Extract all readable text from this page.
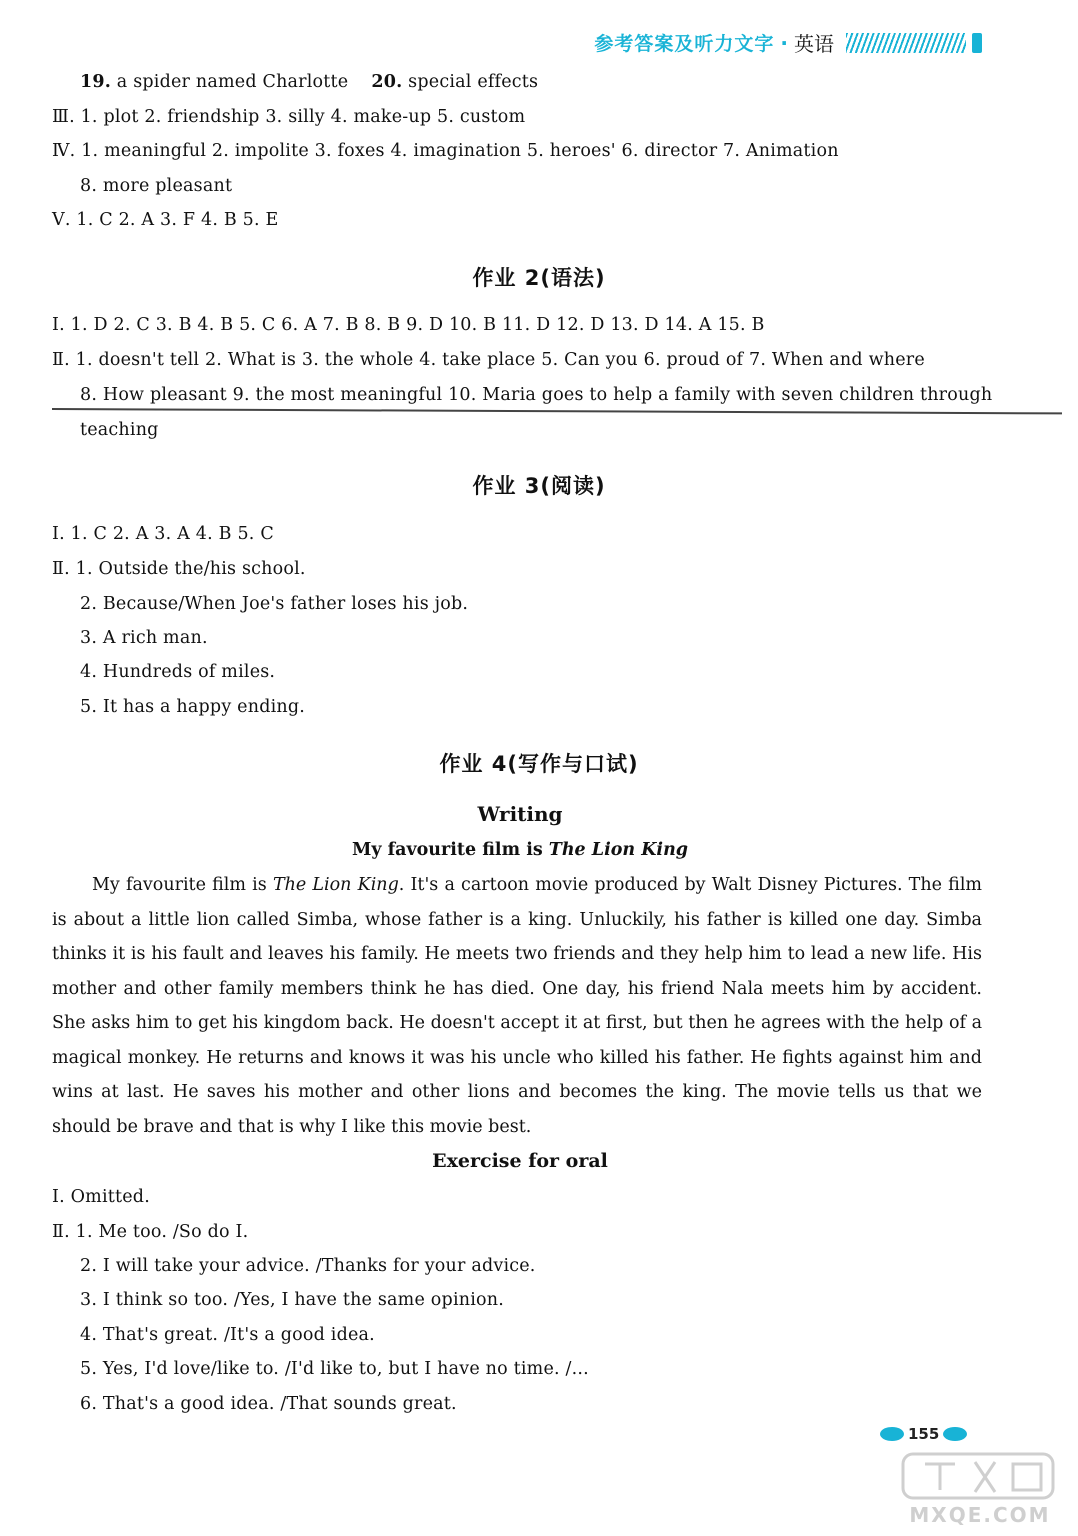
参考答案及听力文字 · 英语
19. a spider named Charlotte 20. special effects
Ⅲ. 1. plot 2. friendship 3. silly 4. make-up 5. custom
Ⅳ. 1. meaningful 2. impolite 3. foxes 4. imagination 5. heroes' 6. director 7. Animation
8. more pleasant
Ⅴ. 1. C 2. A 3. F 4. B 5. E
作业 2(语法)
Ⅰ. 1. D 2. C 3. B 4. B 5. C 6. A 7. B 8. B 9. D 10. B 11. D 12. D 13. D 14. A 15. B
Ⅱ. 1. doesn't tell 2. What is 3. the whole 4. take place 5. Can you 6. proud of 7. When and where
8. How pleasant 9. the most meaningful 10. Maria goes to help a family with seven children through
teaching
作业 3(阅读)
Ⅰ. 1. C 2. A 3. A 4. B 5. C
Ⅱ. 1. Outside the/his school.
2. Because/When Joe's father loses his job.
3. A rich man.
4. Hundreds of miles.
5. It has a happy ending.
作业 4(写作与口试)
Writing
My favourite film is The Lion King
My favourite film is The Lion King. It's a cartoon movie produced by Walt Disney Pictures. The film is about a little lion called Simba, whose father is a king. Unluckily, his father is killed one day. Simba thinks it is his fault and leaves his family. He meets two friends and they help him to lead a new life. His mother and other family members think he has died. One day, his friend Nala meets him by accident. She asks him to get his kingdom back. He doesn't accept it at first, but then he agrees with the help of a magical monkey. He returns and knows it was his uncle who killed his father. He fights against him and wins at last. He saves his mother and other lions and becomes the king. The movie tells us that we should be brave and that is why I like this movie best.
Exercise for oral
Ⅰ. Omitted.
Ⅱ. 1. Me too. /So do I.
2. I will take your advice. /Thanks for your advice.
3. I think so too. /Yes, I have the same opinion.
4. That's great. /It's a good idea.
5. Yes, I'd love/like to. /I'd like to, but I have no time. /...
6. That's a good idea. /That sounds great.
155
MXQE.COM
